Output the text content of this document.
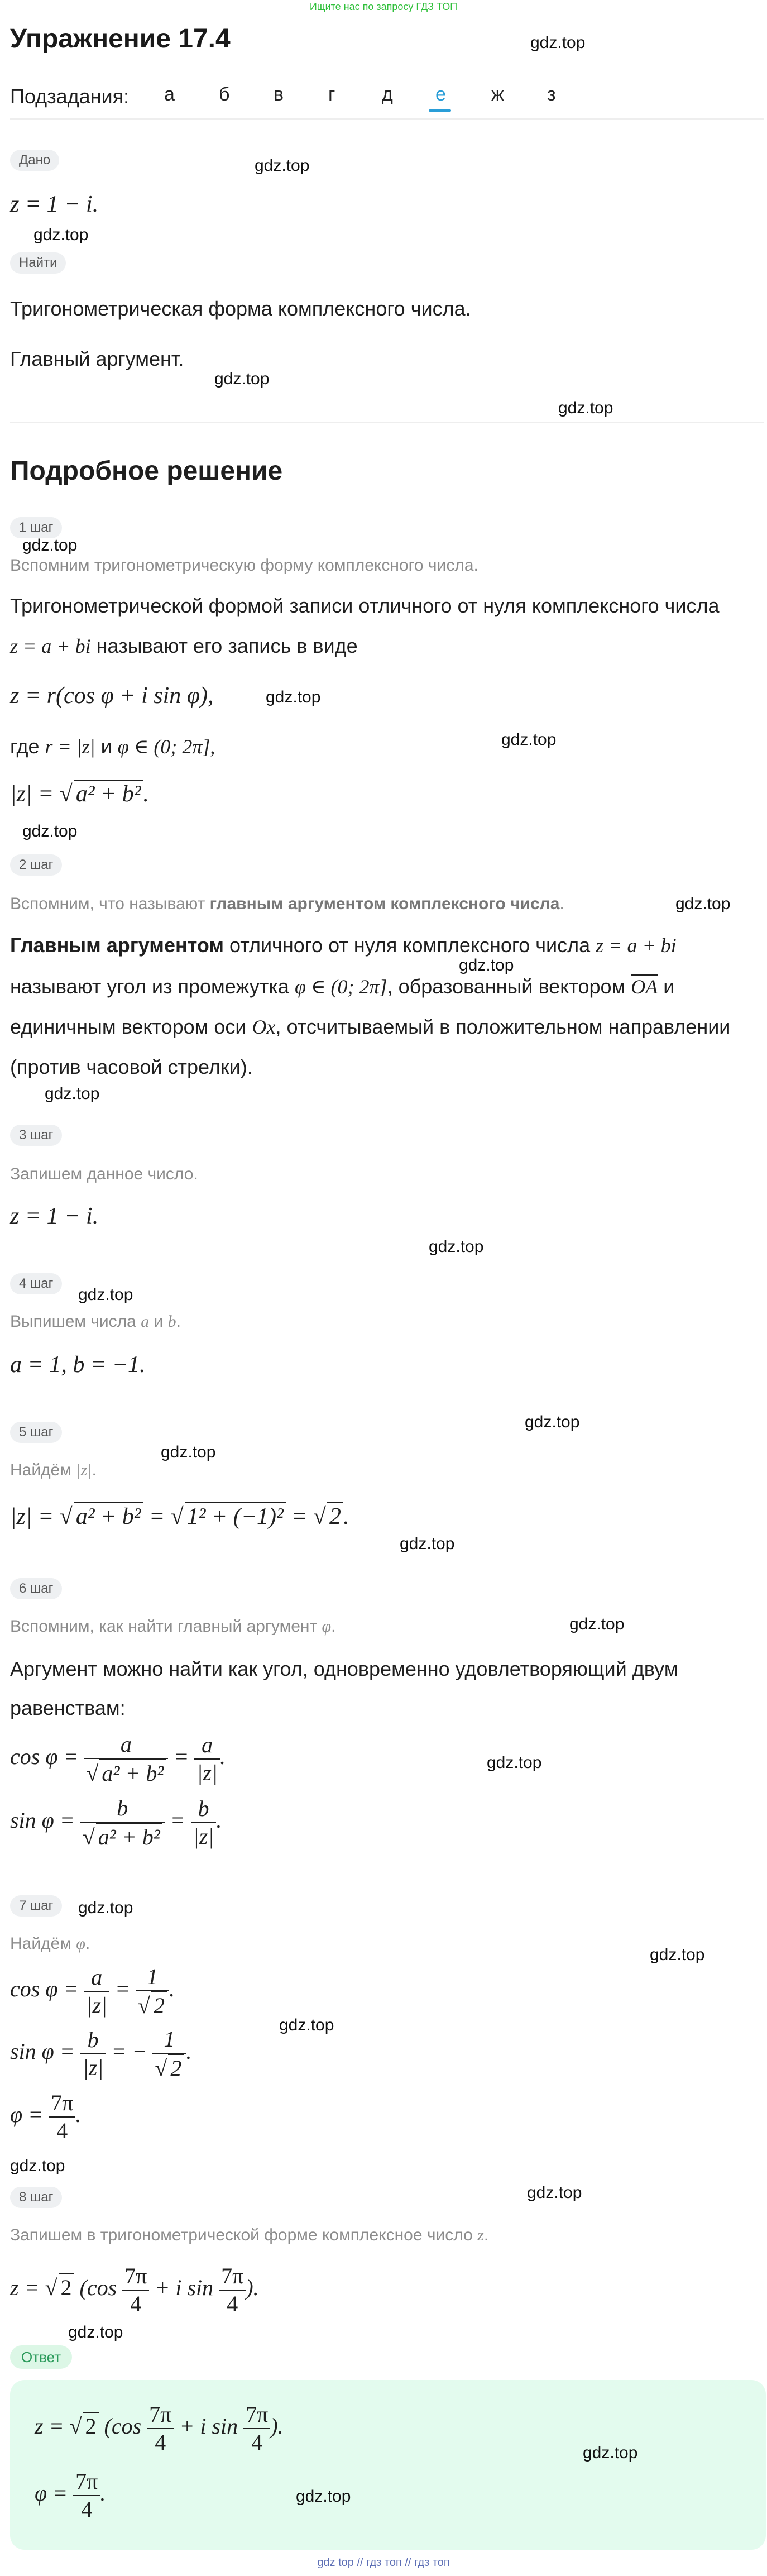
Ищите нас по запросу ГДЗ ТОП
Упражнение 17.4	gdz.top
Подзадания: а б в г д е ж з
Дано	gdz.top
z = 1 − i.
gdz.top
Найти
Тригонометрическая форма комплексного числа.
Главный аргумент.
gdz.top
gdz.top
Подробное решение
1 шаг
gdz.top
Вспомним тригонометрическую форму комплексного числа.
Тригонометрической формой записи отличного от нуля комплексного числа
z = a + bi называют его запись в виде
z = r(cos φ + i sin φ),	gdz.top
где r = |z| и φ ∈ (0; 2π],	gdz.top
|z| = √ a² + b².
gdz.top
2 шаг
Вспомним, что называют главным аргументом комплексного числа.	gdz.top
Главным аргументом отличного от нуля комплексного числа z = a + bi
gdz.top
называют угол из промежутка φ ∈ (0; 2π], образованный вектором $\overline{OA}$ и
единичным вектором оси Ox, отсчитываемый в положительном направлении
(против часовой стрелки).
gdz.top
3 шаг
Запишем данное число.
z = 1 − i.
gdz.top
4 шаг
gdz.top
Выпишем числа a и b.
a = 1, b = −1.
gdz.top
5 шаг
gdz.top
Найдём |z|.
|z| = √ a² + b² = √ 1² + (−1)² = √ 2.
gdz.top
6 шаг
Вспомним, как найти главный аргумент φ.	gdz.top
Аргумент можно найти как угол, одновременно удовлетворяющий двум
равенствам:
$\cos \varphi = \frac{a}{\text{√ a² + b²}} = \frac{a}{|z|}$ .	gdz.top
$\sin \varphi = \frac{b}{\text{√ a² + b²}} = \frac{b}{|z|}$ .
7 шаг	gdz.top
Найдём φ.
gdz.top
$\cos \varphi = \frac{a}{|z|} = \frac{1}{√ 2}$ .
gdz.top
$\sin \varphi = \frac{b}{|z|}$ = − $\frac{1}{√ 2}$ .
$\varphi = \frac{7\pi}{4}$ .
gdz.top
8 шаг	gdz.top
Запишем в тригонометрической форме комплексное число z.
z = √ 2 ($\cos \frac{7\pi}{4} + i$ $\sin \frac{7\pi}{4}$ ).
gdz.top
Ответ
z = √ 2 ($\cos \frac{7\pi}{4} + i$ $\sin \frac{7\pi}{4}$ ).
gdz.top
$\varphi = \frac{7\pi}{4}$ .	gdz.top
gdz top // гдз топ // гдз топ
